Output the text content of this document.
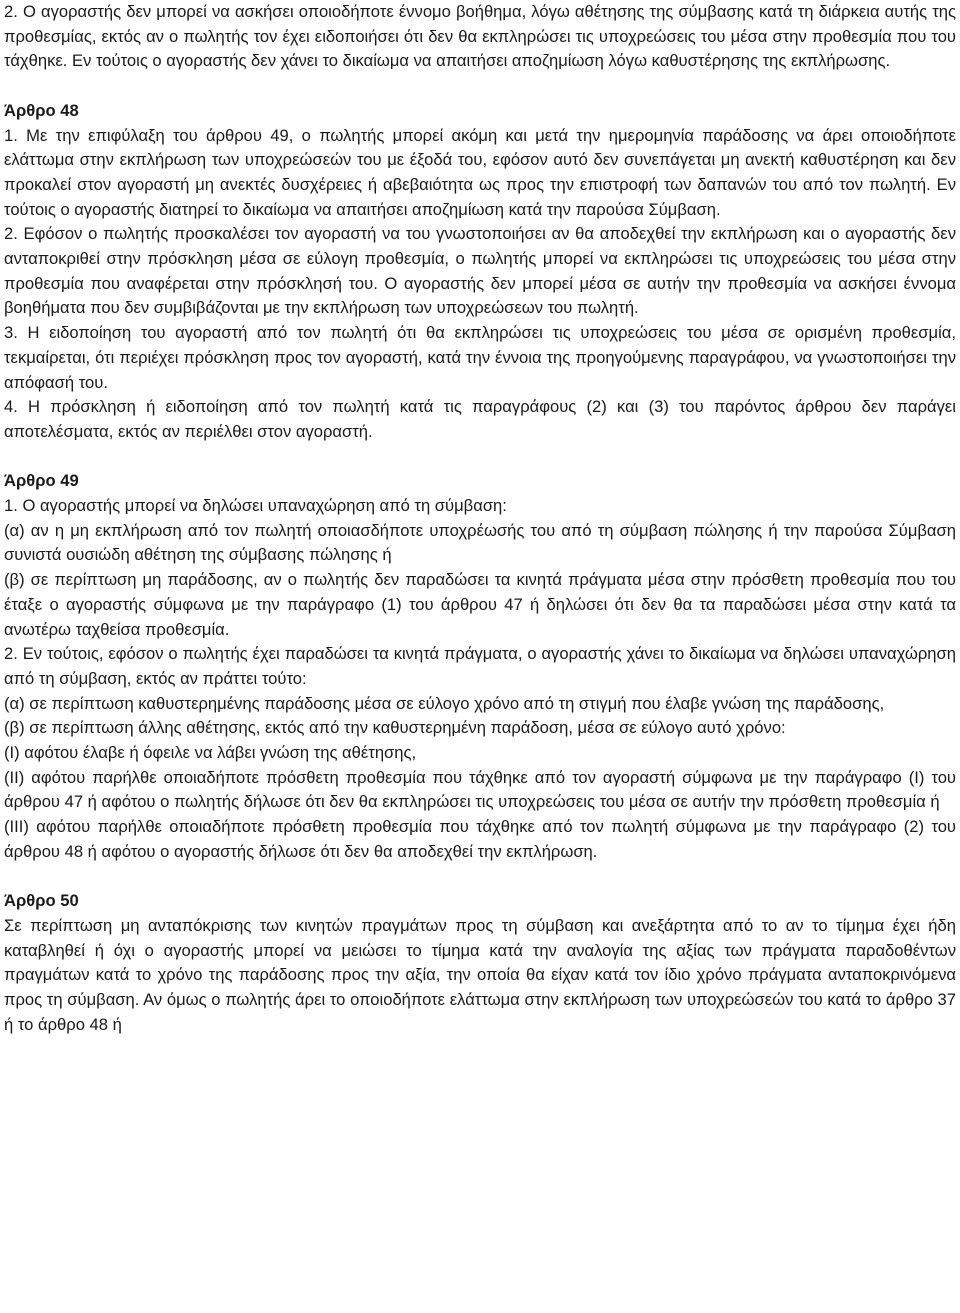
2. Ο αγοραστής δεν μπορεί να ασκήσει οποιοδήποτε έννομο βοήθημα, λόγω αθέτησης της σύμβασης κατά τη διάρκεια αυτής της προθεσμίας, εκτός αν ο πωλητής τον έχει ειδοποιήσει ότι δεν θα εκπληρώσει τις υποχρεώσεις του μέσα στην προθεσμία που του τάχθηκε. Εν τούτοις ο αγοραστής δεν χάνει το δικαίωμα να απαιτήσει αποζημίωση λόγω καθυστέρησης της εκπλήρωσης.

Άρθρο 48

1. Με την επιφύλαξη του άρθρου 49, ο πωλητής μπορεί ακόμη και μετά την ημερομηνία παράδοσης να άρει οποιοδήποτε ελάττωμα στην εκπλήρωση των υποχρεώσεών του με έξοδά του, εφόσον αυτό δεν συνεπάγεται μη ανεκτή καθυστέρηση και δεν προκαλεί στον αγοραστή μη ανεκτές δυσχέρειες ή αβεβαιότητα ως προς την επιστροφή των δαπανών του από τον πωλητή. Εν τούτοις ο αγοραστής διατηρεί το δικαίωμα να απαιτήσει αποζημίωση κατά την παρούσα Σύμβαση.

2. Εφόσον ο πωλητής προσκαλέσει τον αγοραστή να του γνωστοποιήσει αν θα αποδεχθεί την εκπλήρωση και ο αγοραστής δεν ανταποκριθεί στην πρόσκληση μέσα σε εύλογη προθεσμία, ο πωλητής μπορεί να εκπληρώσει τις υποχρεώσεις του μέσα στην προθεσμία που αναφέρεται στην πρόσκλησή του. Ο αγοραστής δεν μπορεί μέσα σε αυτήν την προθεσμία να ασκήσει έννομα βοηθήματα που δεν συμβιβάζονται με την εκπλήρωση των υποχρεώσεων του πωλητή.

3. Η ειδοποίηση του αγοραστή από τον πωλητή ότι θα εκπληρώσει τις υποχρεώσεις του μέσα σε ορισμένη προθεσμία, τεκμαίρεται, ότι περιέχει πρόσκληση προς τον αγοραστή, κατά την έννοια της προηγούμενης παραγράφου, να γνωστοποιήσει την απόφασή του.

4. Η πρόσκληση ή ειδοποίηση από τον πωλητή κατά τις παραγράφους (2) και (3) του παρόντος άρθρου δεν παράγει αποτελέσματα, εκτός αν περιέλθει στον αγοραστή.

Άρθρο 49

1. Ο αγοραστής μπορεί να δηλώσει υπαναχώρηση από τη σύμβαση:

(α) αν η μη εκπλήρωση από τον πωλητή οποιασδήποτε υποχρέωσής του από τη σύμβαση πώλησης ή την παρούσα Σύμβαση συνιστά ουσιώδη αθέτηση της σύμβασης πώλησης ή

(β) σε περίπτωση μη παράδοσης, αν ο πωλητής δεν παραδώσει τα κινητά πράγματα μέσα στην πρόσθετη προθεσμία που του έταξε ο αγοραστής σύμφωνα με την παράγραφο (1) του άρθρου 47 ή δηλώσει ότι δεν θα τα παραδώσει μέσα στην κατά τα ανωτέρω ταχθείσα προθεσμία.

2. Εν τούτοις, εφόσον ο πωλητής έχει παραδώσει τα κινητά πράγματα, ο αγοραστής χάνει το δικαίωμα να δηλώσει υπαναχώρηση από τη σύμβαση, εκτός αν πράττει τούτο:

(α) σε περίπτωση καθυστερημένης παράδοσης μέσα σε εύλογο χρόνο από τη στιγμή που έλαβε γνώση της παράδοσης,

(β) σε περίπτωση άλλης αθέτησης, εκτός από την καθυστερημένη παράδοση, μέσα σε εύλογο αυτό χρόνο:

(I) αφότου έλαβε ή όφειλε να λάβει γνώση της αθέτησης,

(II) αφότου παρήλθε οποιαδήποτε πρόσθετη προθεσμία που τάχθηκε από τον αγοραστή σύμφωνα με την παράγραφο (I) του άρθρου 47 ή αφότου ο πωλητής δήλωσε ότι δεν θα εκπληρώσει τις υποχρεώσεις του μέσα σε αυτήν την πρόσθετη προθεσμία ή

(III) αφότου παρήλθε οποιαδήποτε πρόσθετη προθεσμία που τάχθηκε από τον πωλητή σύμφωνα με την παράγραφο (2) του άρθρου 48 ή αφότου ο αγοραστής δήλωσε ότι δεν θα αποδεχθεί την εκπλήρωση.

Άρθρο 50

Σε περίπτωση μη ανταπόκρισης των κινητών πραγμάτων προς τη σύμβαση και ανεξάρτητα από το αν το τίμημα έχει ήδη καταβληθεί ή όχι ο αγοραστής μπορεί να μειώσει το τίμημα κατά την αναλογία της αξίας των πράγματα παραδοθέντων πραγμάτων κατά το χρόνο της παράδοσης προς την αξία, την οποία θα είχαν κατά τον ίδιο χρόνο πράγματα ανταποκρινόμενα προς τη σύμβαση. Αν όμως ο πωλητής άρει το οποιοδήποτε ελάττωμα στην εκπλήρωση των υποχρεώσεών του κατά το άρθρο 37 ή το άρθρο 48 ή
